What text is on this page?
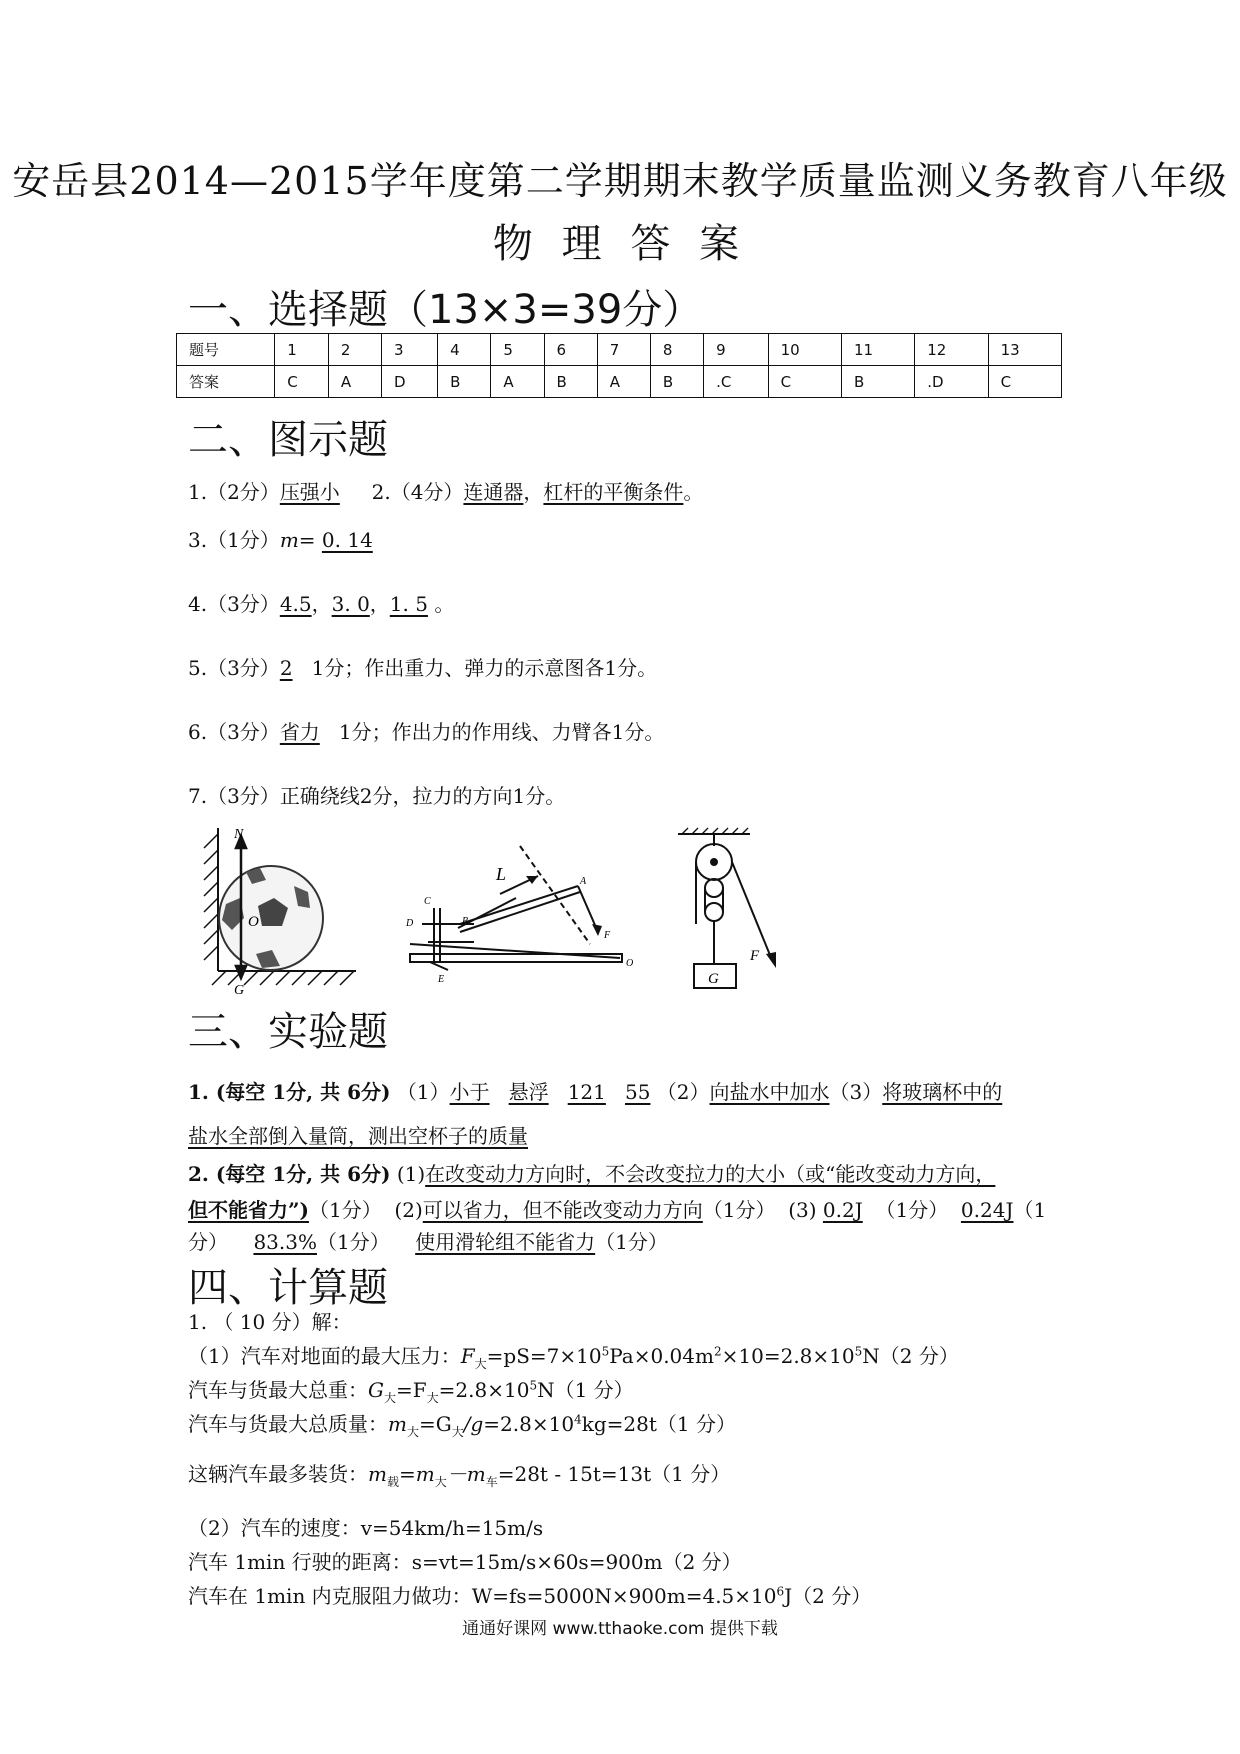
安岳县2014—2015学年度第二学期期末教学质量监测义务教育八年级
物 理 答 案
一、选择题（13×3=39分）
题号	1	2	3	4	5	6	7	8	9	10	11	12	13
答案	C	A	D	B	A	B	A	B	.C	C	B	.D	C
二、图示题
1.（2分）压强小 2.（4分）连通器，杠杆的平衡条件。
3.（1分）m= 0. 14
4.（3分）4.5，3. 0，1. 5 。
5.（3分）2 1分；作出重力、弹力的示意图各1分。
6.（3分）省力 1分；作出力的作用线、力臂各1分。
7.（3分）正确绕线2分，拉力的方向1分。
N
O
G
C
L	A
D	B
F
O
E
F
G
三、实验题
1. (每空 1分, 共 6分) （1）小于 悬浮 121 55 （2）向盐水中加水（3）将玻璃杯中的
盐水全部倒入量筒，测出空杯子的质量
2. (每空 1分, 共 6分) (1)在改变动力方向时，不会改变拉力的大小（或“能改变动力方向，
但不能省力”)（1分） (2)可以省力，但不能改变动力方向（1分） (3) 0.2J （1分） 0.24J（1
分） 83.3%（1分） 使用滑轮组不能省力（1分）
四、计算题
1. （ 10 分）解：
（1）汽车对地面的最大压力：$F_大=pS=7\times 10^5Pa\times 0.04m^2\times 10=2.8\times 10^5N(2$ 分）
汽车与货最大总重：$G_大=F_大=2.8\times 10^5N(1$ 分）
汽车与货最大总质量：$m_大=G_大/g=2.8\times 10^4kg=28t(1$ 分）
这辆汽车最多装货：$m_载=m_大-m_车=28t - 15t=13t(1$ 分）
（2）汽车的速度：v=54km/h=15m/s
汽车 1min 行驶的距离：s=vt=15m/s×60s=900m（2 分）
汽车在 1min 内克服阻力做功：$W=fs=5000N\times 900m=4.5\times 10^6J(2$ 分）
通通好课网 www.tthaoke.com 提供下载
